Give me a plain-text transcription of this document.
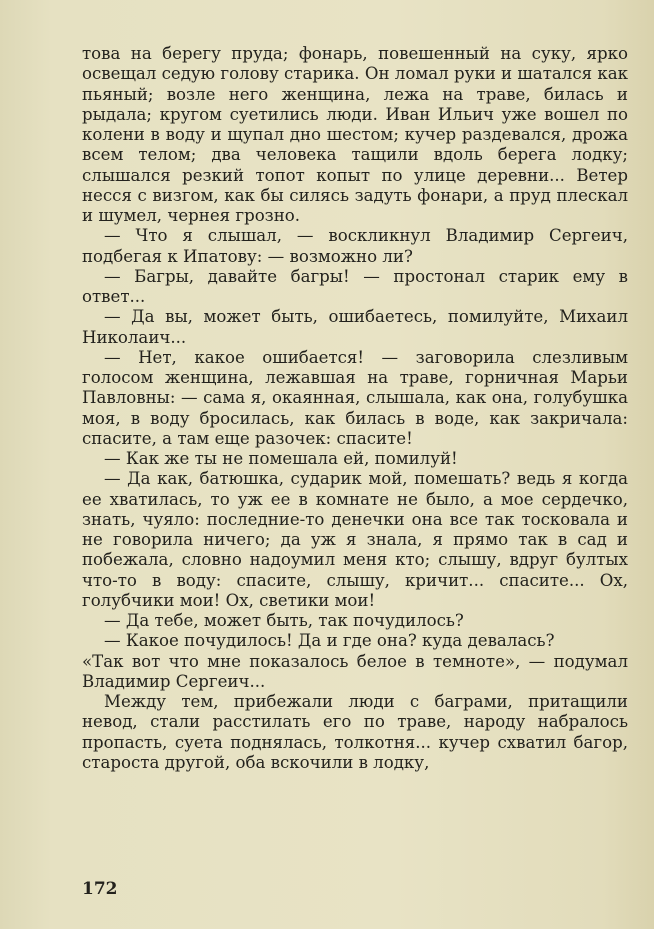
това на берегу пруда; фонарь, повешенный на суку, ярко освещал седую голову старика. Он ломал руки и шатался как пьяный; возле него женщина, лежа на траве, билась и рыдала; кругом суетились люди. Иван Ильич уже вошел по колени в воду и щупал дно шестом; кучер раздевался, дрожа всем телом; два человека тащили вдоль берега лодку; слышался резкий топот копыт по улице деревни... Ветер несся с визгом, как бы силясь задуть фонари, а пруд плескал и шумел, чернея грозно.

— Что я слышал, — воскликнул Владимир Сергеич, подбегая к Ипатову: — возможно ли?

— Багры, давайте багры! — простонал старик ему в ответ...

— Да вы, может быть, ошибаетесь, помилуйте, Михаил Николаич...

— Нет, какое ошибается! — заговорила слезливым голосом женщина, лежавшая на траве, горничная Марьи Павловны: — сама я, окаянная, слышала, как она, голубушка моя, в воду бросилась, как билась в воде, как закричала: спасите, а там еще разочек: спасите!

— Как же ты не помешала ей, помилуй!

— Да как, батюшка, сударик мой, помешать? ведь я когда ее хватилась, то уж ее в комнате не было, а мое сердечко, знать, чуяло: последние-то денечки она все так тосковала и не говорила ничего; да уж я знала, я прямо так в сад и побежала, словно надоумил меня кто; слышу, вдруг бултых что-то в воду: спасите, слышу, кричит... спасите... Ох, голубчики мои! Ох, светики мои!

— Да тебе, может быть, так почудилось?

— Какое почудилось! Да и где она? куда девалась?

«Так вот что мне показалось белое в темноте», — подумал Владимир Сергеич...

Между тем, прибежали люди с баграми, притащили невод, стали расстилать его по траве, народу набралось пропасть, суета поднялась, толкотня... кучер схватил багор, староста другой, оба вскочили в лодку,

172
